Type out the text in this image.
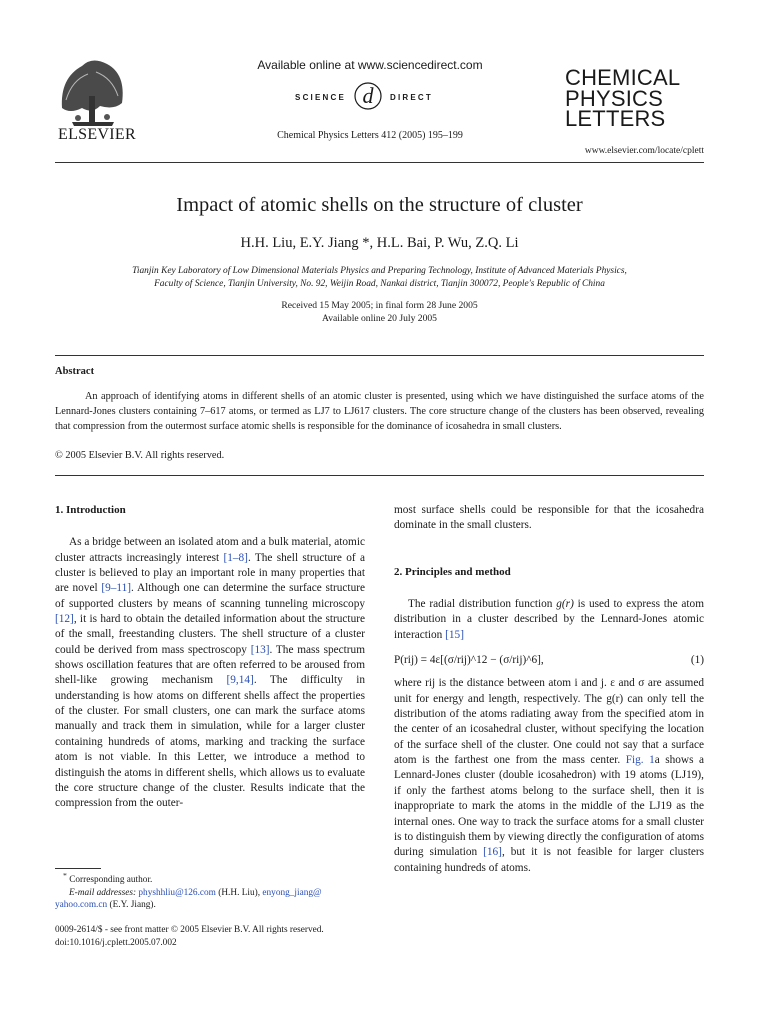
ELSEVIER
Available online at www.sciencedirect.com
SCIENCE d DIRECT
Chemical Physics Letters 412 (2005) 195–199
CHEMICAL
PHYSICS
LETTERS
www.elsevier.com/locate/cplett
Impact of atomic shells on the structure of cluster
H.H. Liu, E.Y. Jiang *, H.L. Bai, P. Wu, Z.Q. Li
Tianjin Key Laboratory of Low Dimensional Materials Physics and Preparing Technology, Institute of Advanced Materials Physics,
Faculty of Science, Tianjin University, No. 92, Weijin Road, Nankai district, Tianjin 300072, People's Republic of China
Received 15 May 2005; in final form 28 June 2005
Available online 20 July 2005
Abstract
An approach of identifying atoms in different shells of an atomic cluster is presented, using which we have distinguished the surface atoms of the Lennard-Jones clusters containing 7–617 atoms, or termed as LJ7 to LJ617 clusters. The core structure change of the clusters has been observed, revealing that compression from the outermost surface atomic shells is responsible for the dominance of icosahedra in small clusters.
© 2005 Elsevier B.V. All rights reserved.
1. Introduction

As a bridge between an isolated atom and a bulk material, atomic cluster attracts increasingly interest [1–8]. The shell structure of a cluster is believed to play an important role in many properties that are novel [9–11]. Although one can determine the surface structure of supported clusters by means of scanning tunneling microscopy [12], it is hard to obtain the detailed information about the structure of the small, freestanding clusters. The shell structure of a cluster could be derived from mass spectroscopy [13]. The mass spectrum shows oscillation features that are often referred to be aroused from shell-like growing mechanism [9,14]. The difficulty in understanding is how atoms on different shells affect the properties of the cluster. For small clusters, one can mark the surface atoms manually and track them in simulation, while for a larger cluster containing hundreds of atoms, marking and tracking the surface atom is not viable. In this Letter, we introduce a method to distinguish the atoms in different shells, which allows us to evaluate the core structure change of the cluster. Results indicate that the compression from the outer-

* Corresponding author.
E-mail addresses: physhhliu@126.com (H.H. Liu), enyong_jiang@
yahoo.com.cn (E.Y. Jiang).
0009-2614/$ - see front matter © 2005 Elsevier B.V. All rights reserved.
doi:10.1016/j.cplett.2005.07.002

most surface shells could be responsible for that the icosahedra dominate in the small clusters.

2. Principles and method

The radial distribution function g(r) is used to express the atom distribution in a cluster described by the Lennard-Jones atomic interaction [15]

P(rij) = 4ε[(σ/rij)^12 − (σ/rij)^6],	(1)

where rij is the distance between atom i and j. ε and σ are assumed unit for energy and length, respectively. The g(r) can only tell the distribution of the atoms radiating away from the specified atom in the center of an icosahedral cluster, without specifying the location of the surface shell of the cluster. One could not say that a surface atom is the farthest one from the mass center. Fig. 1a shows a Lennard-Jones cluster (double icosahedron) with 19 atoms (LJ19), if only the farthest atoms belong to the surface shell, then it is inappropriate to mark the atoms in the middle of the LJ19 as the internal ones. One way to track the surface atoms for a small cluster is to distinguish them by viewing directly the configuration of atoms during simulation [16], but it is not feasible for larger clusters containing hundreds of atoms.
